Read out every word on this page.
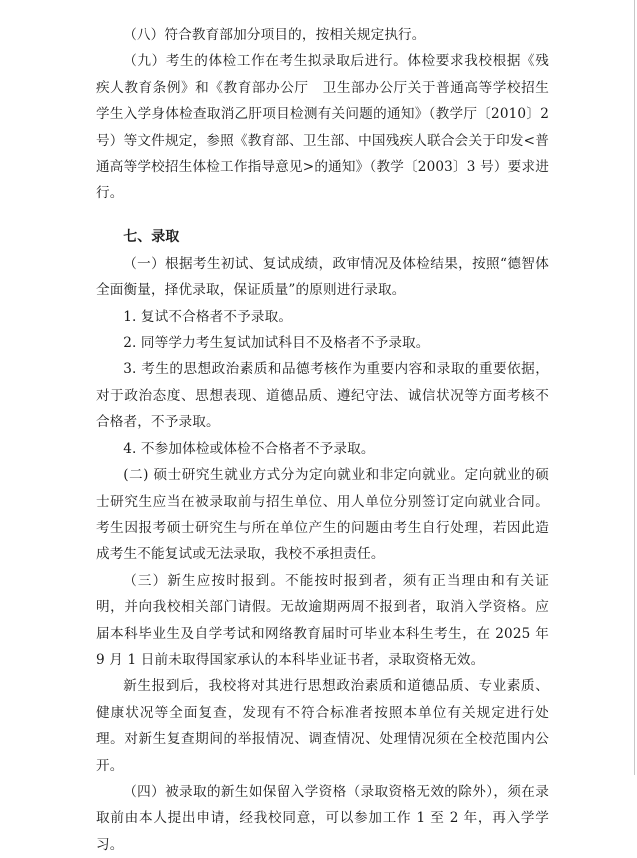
（八）符合教育部加分项目的，按相关规定执行。

（九）考生的体检工作在考生拟录取后进行。体检要求我校根据《残疾人教育条例》和《教育部办公厅　卫生部办公厅关于普通高等学校招生学生入学身体检查取消乙肝项目检测有关问题的通知》（教学厅〔2010〕2 号）等文件规定，参照《教育部、卫生部、中国残疾人联合会关于印发<普通高等学校招生体检工作指导意见>的通知》（教学〔2003〕3 号）要求进行。

七、录取

（一）根据考生初试、复试成绩，政审情况及体检结果，按照“德智体全面衡量，择优录取，保证质量”的原则进行录取。

1. 复试不合格者不予录取。

2. 同等学力考生复试加试科目不及格者不予录取。

3. 考生的思想政治素质和品德考核作为重要内容和录取的重要依据，对于政治态度、思想表现、道德品质、遵纪守法、诚信状况等方面考核不合格者，不予录取。

4. 不参加体检或体检不合格者不予录取。

(二) 硕士研究生就业方式分为定向就业和非定向就业。定向就业的硕士研究生应当在被录取前与招生单位、用人单位分别签订定向就业合同。考生因报考硕士研究生与所在单位产生的问题由考生自行处理，若因此造成考生不能复试或无法录取，我校不承担责任。

（三）新生应按时报到。不能按时报到者，须有正当理由和有关证明，并向我校相关部门请假。无故逾期两周不报到者，取消入学资格。应届本科毕业生及自学考试和网络教育届时可毕业本科生考生，在 2025 年 9 月 1 日前未取得国家承认的本科毕业证书者，录取资格无效。

新生报到后，我校将对其进行思想政治素质和道德品质、专业素质、健康状况等全面复查，发现有不符合标准者按照本单位有关规定进行处理。对新生复查期间的举报情况、调查情况、处理情况须在全校范围内公开。

（四）被录取的新生如保留入学资格（录取资格无效的除外），须在录取前由本人提出申请，经我校同意，可以参加工作 1 至 2 年，再入学学习。
